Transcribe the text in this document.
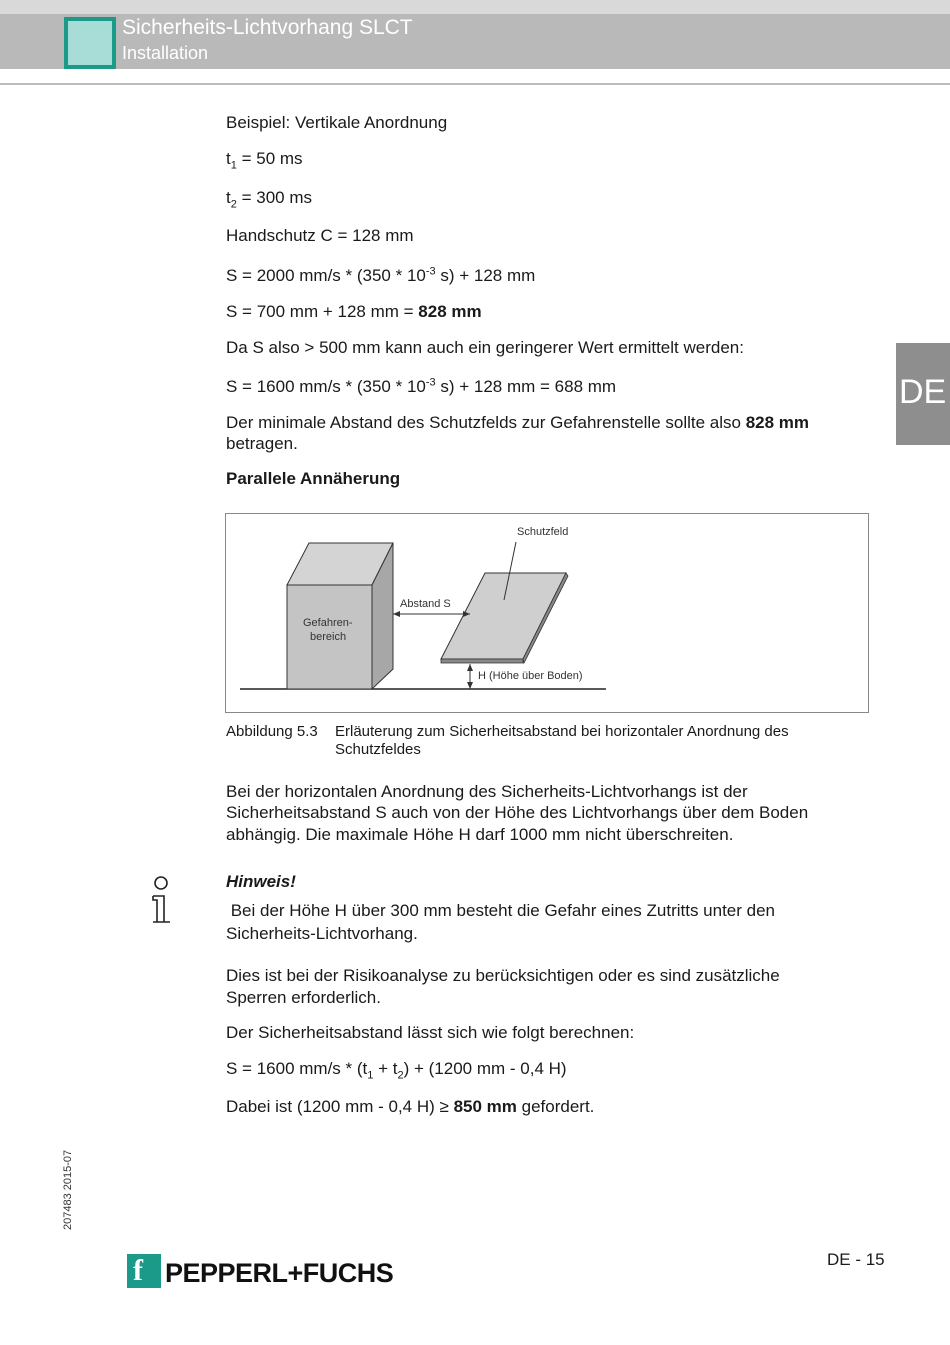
Sicherheits-Lichtvorhang SLCT
Installation
DE
Beispiel: Vertikale Anordnung
$t_1 = 50$ ms
$t_2 = 300$ ms
Handschutz C = 128 mm
S = 2000 $mm/s * (350 * 10^{-3}$ s) + 128 mm
S = 700 mm + 128 mm = 828 mm
Da S also > 500 mm kann auch ein geringerer Wert ermittelt werden:
S = 1600 $mm/s * (350 * 10^{-3}$ s) + 128 mm = 688 mm
Der minimale Abstand des Schutzfelds zur Gefahrenstelle sollte also 828 mm
betragen.
Parallele Annäherung
Schutzfeld
Abstand S
Gefahren-
bereich
H (Höhe über Boden)
Abbildung 5.3 Erläuterung zum Sicherheitsabstand bei horizontaler Anordnung des Schutzfeldes
Bei der horizontalen Anordnung des Sicherheits-Lichtvorhangs ist der
Sicherheitsabstand S auch von der Höhe des Lichtvorhangs über dem Boden
abhängig. Die maximale Höhe H darf 1000 mm nicht überschreiten.
Hinweis!
Bei der Höhe H über 300 mm besteht die Gefahr eines Zutritts unter den
Sicherheits-Lichtvorhang.
Dies ist bei der Risikoanalyse zu berücksichtigen oder es sind zusätzliche
Sperren erforderlich.
Der Sicherheitsabstand lässt sich wie folgt berechnen:
S = 1600 $mm/s * (t_1 + t_2) + (1200$ mm - 0,4 H)
Dabei ist (1200 mm - 0,4 H) ≥ 850 mm gefordert.
207483 2015-07
f PEPPERL+FUCHS	DE - 15
